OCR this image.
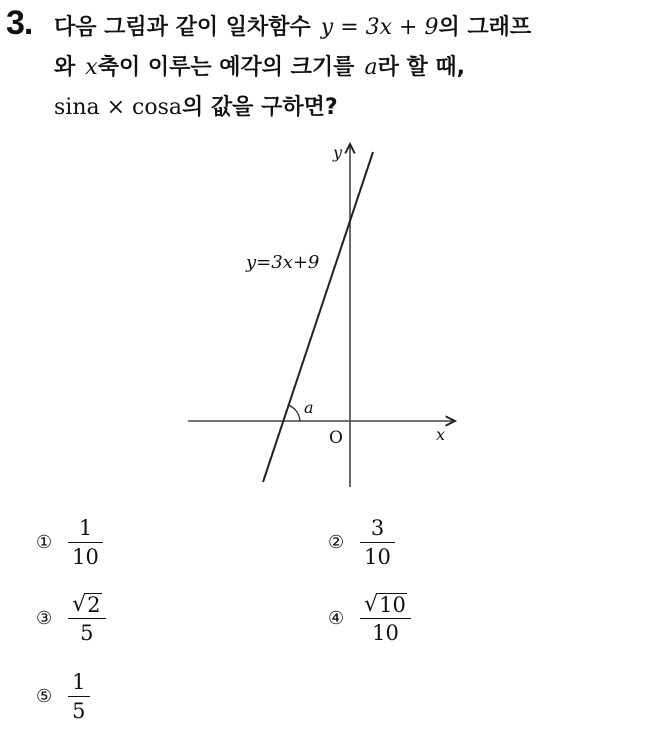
3. 다음 그림과 같이 일차함수 y = 3x + 9의 그래프
와 x축이 이루는 예각의 크기를 a라 할 때,
sina × cosa의 값을 구하면?
y=3x+9
y
x
O
a
① $\frac{1}{10}$	② $\frac{3}{10}$
③ $\frac{√ 2}{5}$	④ $\frac{√ 10}{10}$
⑤ $\frac{1}{5}$
